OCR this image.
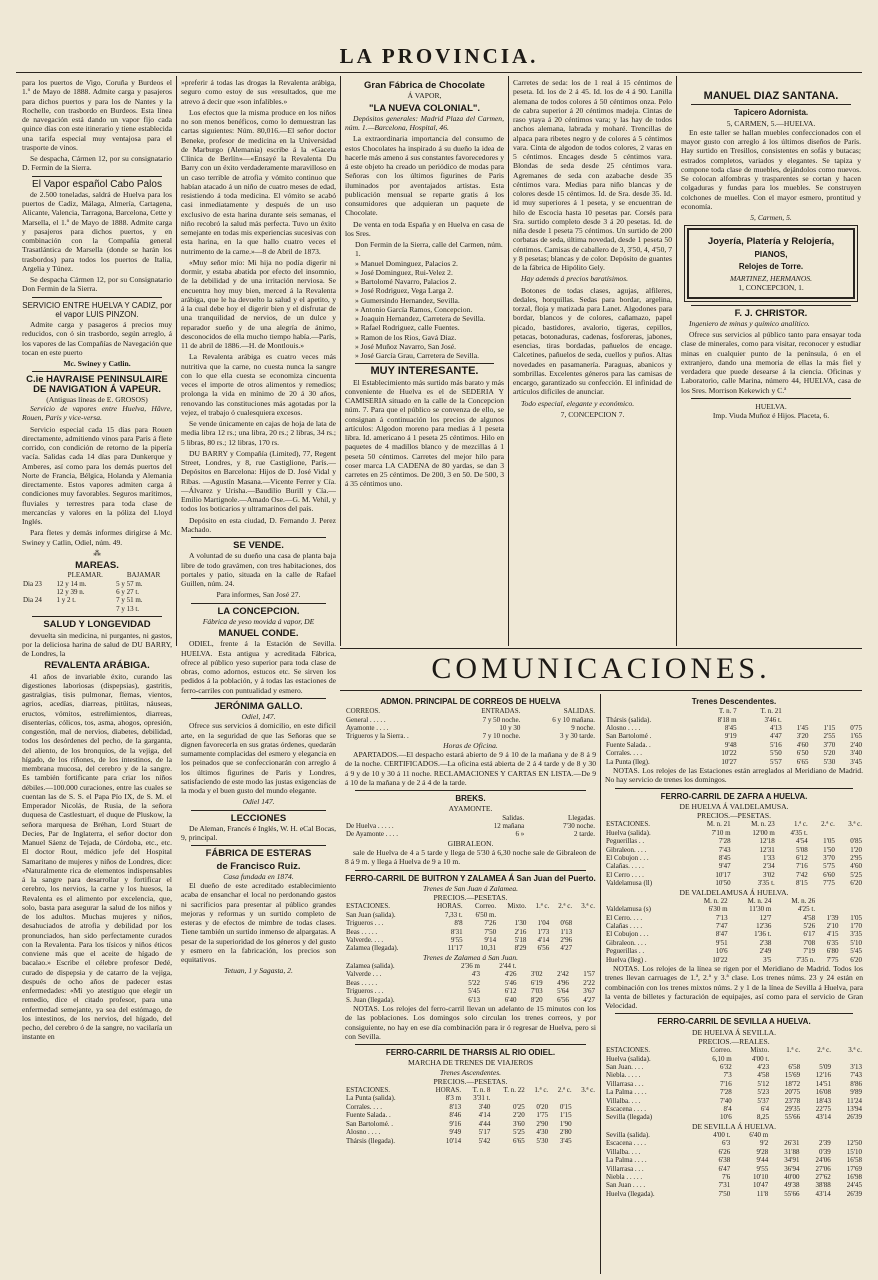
LA PROVINCIA.

para los puertos de Vigo, Coruña y Burdeos el 1.º de Mayo de 1888. Admite carga y pasajeros para dichos puertos y para los de Nantes y la Rochelle, con trasbordo en Burdeos. Esta línea de navegación está dando un vapor fijo cada quince días con este itinerario y tiene establecida una tarifa especial muy ventajosa para el trasporte de vinos.

Se despacha, Cármen 12, por su consignatario D. Fermin de la Sierra.

El Vapor español Cabo Palos

de 2.500 toneladas, saldrá de Huelva para los puertos de Cadiz, Málaga, Almería, Cartagena, Alicante, Valencia, Tarragona, Barcelona, Cette y Marsella, el 1.º de Mayo de 1888. Admite carga y pasajeros para dichos puertos, y en combinación con la Compañía general Trasatlántica de Marsella (donde se harán los trasbordos) para todos los puertos de Italia, Argelia y Túnez.

Se despacha Cármen 12, por su Consignatario Don Fermin de la Sierra.

SERVICIO ENTRE HUELVA Y CADIZ, por el vapor LUIS PINZON.

Admite carga y pasageros á precios muy reducidos, con ó sin trasbordo, según arreglo, á los vapores de las Compañías de Navegación que tocan en este puerto

Mc. Swiney y Catlin.
C.ie HAVRAISE PENINSULAIRE DE NAVIGATION Á VAPEUR.
(Antiguas líneas de E. GROSOS)

Servicio de vapores entre Huelva, Hâvre, Rouen, Paris y vice-versa.

Servicio especial cada 15 días para Rouen directamente, admitiendo vinos para Paris á flete corrido, con condición de retorno de la pipería vacía. Salidas cada 14 días para Dunkerque y Amberes, así como para los demás puertos del Norte de Francia, Bélgica, Holanda y Alemania directamente. Estos vapores admiten carga á condiciones muy favorables. Seguros marítimos, fluviales y terrestres para toda clase de mercancías y valores en la póliza del Lloyd Inglés.

Para fletes y demás informes dirigirse á Mc. Swiney y Catlin, Odiel, núm. 49.

⁂
MAREAS.
	PLEAMAR.		BAJAMAR	
Dia 23	12 y 14 m.		5 y 57 m.	
	12 y 39 n.		6 y 27 t.	
Dia 24	1 y 2 t.		7 y 51 m.	
			7 y 13 t.	
SALUD Y LONGEVIDAD

devuelta sin medicina, ni purgantes, ni gastos, por la deliciosa harina de salud de DU BARRY, de Londres, la

REVALENTA ARÁBIGA.

41 años de invariable éxito, curando las digestiones laboriosas (dispepsias), gastritis, gastralgias, tisis pulmonar, flemas, vientos, agrios, acedías, diarreas, pitüitas, náuseas, eructos, vómitos, estreñimientos, diarreas, disenterías, cólicos, tos, asma, ahogos, opresión, congestión, mal de nervios, diabetes, debilidad, todos los desórdenes del pecho, de la garganta, del aliento, de los bronquios, de la vejiga, del hígado, de los riñones, de los intestinos, de la membrana mucosa, del cerebro y de la sangre. Es también fortificante para criar los niños débiles.—100.000 curaciones, entre las cuales se cuentan las de S. S. el Papa Pío IX, de S. M. el Emperador Nicolás, de Rusia, de la señora duquesa de Castlestuart, el duque de Pluskow, la señora marquesa de Bréhan, Lord Stuart de Decies, Par de Inglaterra, el señor doctor don Manuel Sáenz de Tejada, de Córdoba, etc., etc. El doctor Rout, médico jefe del Hospital Samaritano de mujeres y niños de Londres, dice: «Naturalmente rica de elementos indispensables á la sangre para desarrollar y fortificar el cerebro, los nervios, la carne y los huesos, la Revalenta es el alimento por excelencia, que, solo, basta para asegurar la salud de los niños y de los adultos. Muchas mujeres y niños, desahuciados de atrofia y debilidad por los pronunciados, han sido perfectamente curados con la Revalenta. Para los tísicos y niños éticos conviene más que el aceite de hígado de bacalao.» Escribe el célebre profesor Dedé, curado de dispepsia y de catarro de la vejiga, después de ocho años de padecer estas enfermedades: «Mi yo atestiguo que elegir un remedio, dice el citado profesor, para una enfermedad semejante, ya sea del estómago, de los intestinos, de los nervios, del hígado, del pecho, del cerebro ó de la sangre, no vacilaría un instante en

»preferir á todas las drogas la Revalenta arábiga, seguro como estoy de sus »resultados, que me atrevo á decir que »son infalibles.»

Los efectos que la misma produce en los niños no son menos benéficos, como lo demuestran las cartas siguientes: Núm. 80,016.—El señor doctor Beneke, profesor de medicina en la Universidad de Marburgo (Alemania) escribe á la «Gaceta Clínica de Berlín»—«Ensayé la Revalenta Du Barry con un éxito verdaderamente maravilloso en un caso terrible de atrofia y vómito continuo que habían atacado á un niño de cuatro meses de edad, resistiendo á toda medicina. El vómito se acabó casi inmediatamente y después de un uso exclusivo de esta harina durante seis semanas, el niño recobró la salud más perfecta. Tuvo un éxito semejante en todas mis experiencias sucesivas con esta harina, en la que hallo cuatro veces el nutrimento de la carne.»—8 de Abril de 1873.

«Muy señor mío: Mi hija no podía digerir ni dormir, y estaba abatida por efecto del insomnio, de la debilidad y de una irritación nerviosa. Se encuentra hoy muy bien, merced á la Revalenta arábiga, que le ha devuelto la salud y el apetito, y á la cual debe hoy el digerir bien y el disfrutar de una tranquilidad de nervios, de un dulce y reparador sueño y de una alegría de ánimo, desconocidos de ella mucho tiempo había.—París, 11 de abril de 1886.—H. de Montlouis.»

La Revalenta arábiga es cuatro veces más nutritiva que la carne, no cuesta nunca la sangre con lo que ella cuesta se economiza cincuenta veces el importe de otros alimentos y remedios; prolonga la vida en mínimo de 20 á 30 años, renovando las constituciones más agotadas por la vejez, el trabajo ó cualesquiera excesos.

Se vende únicamente en cajas de hoja de lata de media libra 12 rs.; una libra, 20 rs.; 2 libras, 34 rs.; 5 libras, 80 rs.; 12 libras, 170 rs.

DU BARRY y Compañía (Limited), 77, Regent Street, Londres, y 8, rue Castiglione, París.—Depósitos en Barcelona: Hijos de D. José Vidal y Ribas. —Agustín Masana.—Vicente Ferrer y Cía.—Álvarez y Urisha.—Baudilio Burill y Cía.—Emilio Martignole.—Amado Ose.—G. M. Vehil, y todos los boticarios y ultramarinos del país.

Depósito en esta ciudad, D. Fernando J. Perez Machado.

SE VENDE.

A voluntad de su dueño una casa de planta baja libre de todo gravámen, con tres habitaciones, dos portales y patio, situada en la calle de Rafael Guillen, núm. 24.

Para informes, San José 27.
LA CONCEPCION.
Fábrica de yeso movida á vapor, DE
MANUEL CONDE.

ODIEL, frente á la Estación de Sevilla. HUELVA. Esta antigua y acreditada Fábrica, ofrece al público yeso superior para toda clase de obras, como adornos, estucos etc. Se sirven los pedidos á la población, y á todas las estaciones de ferro-carriles con puntualidad y esmero.

JERÓNIMA GALLO.
Odiel, 147.

Ofrece sus servicios á domicilio, en este difícil arte, en la seguridad de que las Señoras que se dignen favorecerla en sus gratas órdenes, quedarán sumamente complacidas del esmero y elegancia en los peinados que se confeccionarán con arreglo á los últimos figurines de Paris y Londres, satisfaciendo de este modo las justas exigencias de la moda y el buen gusto del mundo elegante.

Odiel 147.
LECCIONES

De Aleman, Francés é Inglés, W. H. eCal Bocas, 9, principal.

FÁBRICA DE ESTERAS
de Francisco Ruiz.
Casa fundada en 1874.

El dueño de este acreditado establecimiento acaba de ensanchar el local no perdonando gastos ni sacrificios para presentar al público grandes mejoras y reformas y un surtido completo de esteras y de efectos de mimbre de todas clases. Tiene también un surtido inmenso de alpargatas. A pesar de la superioridad de los géneros y del gusto y esmero en la fabricación, los precios son equitativos.

Tetuan, 1 y Sagasta, 2.
Gran Fábrica de Chocolate
Á VAPOR,
"LA NUEVA COLONIAL".

Depósitos generales: Madrid Plaza del Carmen, núm. 1.—Barcelona, Hospital, 46.

La extraordinaria importancia del consumo de estos Chocolates ha inspirado á su dueño la idea de hacerle más ameno á sus constantes favorecedores y á este objeto ha creado un periódico de modas para Señoras con los últimos figurines de Paris iluminados por aventajados artistas. Esta publicación mensual se reparte gratis á los consumidores que adquieran un paquete de Chocolate.

De venta en toda España y en Huelva en casa de los Sres.

Don Fermin de la Sierra, calle del Carmen, núm. 1.
» Manuel Dominguez, Palacios 2.
» José Dominguez, Rui-Velez 2.
» Bartolomé Navarro, Palacios 2.
» José Rodriguez, Vega Larga 2.
» Gumersindo Hernandez, Sevilla.
» Antonio García Ramos, Concepcion.
» Joaquin Hernandez, Carretera de Sevilla.
» Rafael Rodriguez, calle Fuentes.
» Ramon de los Rios, Gavá Diaz.
» José Muñoz Navarro, San José.
» José García Grau, Carretera de Sevilla.
MUY INTERESANTE.

El Establecimiento más surtido más barato y más conveniente de Huelva es el de SEDERIA Y CAMISERIA situado en la calle de la Concepcion núm. 7. Para que el público se convenza de ello, se consignan á continuación los precios de algunos artículos: Algodon moreno para medias á 1 peseta libra. Id. americano á 1 peseta 25 céntimos. Hilo en paquetes de 4 madillos blanco y de mezcillas á 1 peseta 50 céntimos. Carretes del mejor hilo para coser marca LA CADENA de 80 yardas, se dan 3 carretes en 25 céntimos. De 200, 3 en 50. De 500, 3 á 35 céntimos uno.

Carretes de seda: los de 1 real á 15 céntimos de peseta. Id. los de 2 á 45. Id. los de 4 á 90. Lanilla alemana de todos colores á 50 céntimos onza. Pelo de cabra superior á 20 céntimos madeja. Cintas de raso ytaya á 20 céntimos vara; y las hay de todos anchos alemana, labrada y moharé. Trencillas de alpaca para ribetes negro y de colores á 5 céntimos vara. Cinta de algodon de todos colores, 2 varas en 5 céntimos. Encages desde 5 céntimos vara. Blondas de seda desde 25 céntimos vara. Agremanes de seda con azabache desde 35 céntimos vara. Medias para niño blancas y de colores desde 15 céntimos. Id. de Sra. desde 35. Id. id muy superiores á 1 peseta, y se encuentran de hilo de Escocia hasta 10 pesetas par. Corsés para Sra. surtido completo desde 3 á 20 pesetas. Id. de niña desde 1 peseta 75 céntimos. Un surtido de 200 corbatas de seda, última novedad, desde 1 peseta 50 céntimos. Camisas de caballero de 3, 3'50, 4, 4'50, 7 y 8 pesetas; blancas y de color. Depósito de guantes de la fábrica de Hipólito Gely.

Hay además á precios baratísimos.

Botones de todas clases, agujas, alfileres, dedales, horquillas. Sedas para bordar, argelina, torzal, floja y matizada para Lanet. Algodones para bordar, blancos y de colores, cañamazo, papel picado, bastidores, avalorio, tigeras, cepillos, petacas, botonaduras, cadenas, fosforeras, jabones, esencias, tiras bordadas, pañuelos de encage. Calcetines, pañuelos de seda, cuellos y puños. Altas novedades en pasamanería. Paraguas, abanicos y sombrillas. Excelentes géneros para las camisas de encargo, garantizado su confección. El infinidad de artículos difíciles de anunciar.

Todo especial, elegante y económico.

7, CONCEPCION 7.
MANUEL DIAZ SANTANA.
Tapicero Adornista.
5, CARMEN, 5.—HUELVA.

En este taller se hallan muebles confeccionados con el mayor gusto con arreglo á los últimos diseños de París. Hay surtido en Tresillos, consistentes en sofás y butacas; estrados completos, variados y elegantes. Se tapiza y compone toda clase de muebles, dejándolos como nuevos. Se colocan alfombras y trasparentes se cortan y hacen colgaduras y fundas para los muebles. Se construyen colchones de muelles. Con el mayor esmero, prontitud y economía.

5, Carmen, 5.
Joyería, Platería y Relojería,
PIANOS,
Relojes de Torre.
MARTINEZ, HERMANOS.
1, CONCEPCION, 1.
F. J. CHRISTOR.

Ingeniero de minas y químico analítico.

Ofrece sus servicios al público tanto para ensayar toda clase de minerales, como para visitar, reconocer y estudiar minas en cualquier punto de la península, ó en el extranjero, dando una memoria de ellas la más fiel y verdadera que puede desearse á la ciencia. Oficinas y Laboratorio, calle Marina, número 44, HUELVA, casa de los Sres. Morrison Kekewich y C.ª

HUELVA.
Imp. Viuda Muñoz é Hijos. Placeta, 6.
COMUNICACIONES.
ADMON. PRINCIPAL DE CORREOS DE HUELVA
CORREOS.	ENTRADAS.	SALIDAS.
General . . . . .	7 y 50 noche.	6 y 10 mañana.
Ayamonte . . . .	10 y 30	9 noche.
Trigueros y la Sierra. .	7 y 10 noche.	3 y 30 tarde.
Horas de Oficina.

APARTADOS.—El despacho estará abierto de 9 á 10 de la mañana y de 8 á 9 de la noche. CERTIFICADOS.—La oficina está abierta de 2 á 4 tarde y de 8 y 30 á 9 y de 10 y 30 á 11 noche. RECLAMACIONES Y CARTAS EN LISTA.—De 9 á 10 de la mañana y de 2 á 4 de la tarde.

BREKS.
AYAMONTE.
	Salidas.	Llegadas.
De Huelva . . . . .	12 mañana	7'30 noche.
De Ayamonte . . . .	6 »	2 tarde.
GIBRALEON.

sale de Huelva de 4 a 5 tarde y llega de 5'30 á 6,30 noche sale de Gibraleon de 8 á 9 m. y llega á Huelva de 9 a 10 m.

FERRO-CARRIL DE BUITRON Y ZALAMEA Á San Juan del Puerto.
Trenes de San Juan á Zalamea.
PRECIOS.—PESETAS.
ESTACIONES.	HORAS.	Correo.	Mixto.	1.ª c.	2.ª c.	3.ª c.
San Juan (salida).	7,33 t.	6'50 m.				
Trigueros . . .	8'8	7'26	1'30	1'04	0'68	
Beas . . . . .	8'31	7'50	2'16	1'73	1'13	
Valverde. . . .	9'55	9'14	5'18	4'14	2'96	
Zalamea (llegada).	11'17	10,31	8'29	6'56	4'27	
Trenes de Zalamea á San Juan.
Zalamea (salida).	2'36 m	2'44 t.			
Valverde . . .	4'3	4'26	3'02	2'42	1'57
Beas . . . . .	5'22	5'46	6'19	4'96	2'22
Trigueros . . .	5'45	6'12	7'03	5'64	3'67
S. Juan (llegada).	6'13	6'40	8'20	6'56	4'27

NOTAS. Los relojes del ferro-carril llevan un adelanto de 15 minutos con los de las poblaciones. Los domingos solo circulan los trenes correos, y por consiguiente, no hay en ese día combinación para ir ó regresar de Huelva, pero si con Sevilla.

FERRO-CARRIL DE THARSIS AL RIO ODIEL.
MARCHA DE TRENES DE VIAJEROS
Trenes Ascendentes.
PRECIOS.—PESETAS.
ESTACIONES.	HORAS.	T. n. 8	T. n. 22	1.ª c.	2.ª c.	3.ª c.
La Punta (salida).	8'3 m	3'31 t.				
Corrales. . . .	8'13	3'40	0'25	0'20	0'15	
Fuente Salada. .	8'46	4'14	2'20	1'75	1'15	
San Bartolomé. .	9'16	4'44	3'60	2'90	1'90	
Alosno . . . .	9'49	5'17	5'25	4'30	2'80	
Thársis (llegada).	10'14	5'42	6'65	5'30	3'45	
Trenes Descendentes.
	T. n. 7	T. n. 21			
Thársis (salida).	8'18 m	3'46 t.			
Alosno . . . .	8'45	4'13	1'45	1'15	0'75
San Bartolomé .	9'19	4'47	3'20	2'55	1'65
Fuente Salada. .	9'48	5'16	4'60	3'70	2'40
Corrales. . . .	10'22	5'50	6'50	5'20	3'40
La Punta (lleg).	10'27	5'57	6'65	5'30	3'45

NOTAS. Los relojes de las Estaciones están arreglados al Meridiano de Madrid. No hay servicio de trenes los domingos.

FERRO-CARRIL DE ZAFRA A HUELVA.
DE HUELVA Á VALDELAMUSA.
PRECIOS.—PESETAS.
ESTACIONES.	M. n. 21	M. n. 23	1.ª c.	2.ª c.	3.ª c.
Huelva (salida).	7'10 m	12'00 m	4'35 t.		
Peguerillas . .	7'28	12'18	4'54	1'05	0'85
Gibraleon. . . .	7'43	12'31	5'08	1'50	1'20
El Cobujon . . .	8'45	1'33	6'12	3'70	2'95
Calañas. . . . .	9'47	2'34	7'16	5'75	4'60
El Cerro . . . .	10'17	3'02	7'42	6'60	5'25
Valdelamusa (ll)	10'50	3'35 t.	8'15	7'75	6'20
DE VALDELAMUSA Á HUELVA.
	M. n. 22	M. n. 24	M. n. 26		
Valdelamusa (s)	6'30 m	11'30 m	4'25 t.		
El Cerro. . . .	7'13	12'7	4'58	1'39	1'05
Calañas . . . .	7'47	12'36	5'26	2'10	1'70
El Cobujon . . .	8'47	1'36 t.	6'17	4'15	3'35
Gibraleon. . . .	9'51	2'38	7'08	6'35	5'10
Peguerillas . .	10'6	2'49	7'19	6'80	5'45
Huelva (lleg) .	10'22	3'5	7'35 n.	7'75	6'20

NOTAS. Los relojes de la línea se rigen por el Meridiano de Madrid. Todos los trenes llevan carruages de 1.ª, 2.ª y 3.ª clase. Los trenes núms. 23 y 24 están en combinación con los trenes mixtos núms. 2 y 1 de la línea de Sevilla á Huelva, para la venta de billetes y facturación de equipajes, así como para el servicio de Gran Velocidad.

FERRO-CARRIL DE SEVILLA A HUELVA.
DE HUELVA Á SEVILLA.
PRECIOS.—REALES.
ESTACIONES.	Correo.	Mixto.	1.ª c.	2.ª c.	3.ª c.
Huelva (salida).	6,10 m	4'00 t.			
San Juan. . . .	6'32	4'23	6'58	5'09	3'13
Niebla. . . . .	7'3	4'58	15'69	12'16	7'43
Villarrasa . . .	7'16	5'12	18'72	14'51	8'86
La Palma . . . .	7'28	5'23	20'75	16'08	9'89
Villalba. . . .	7'40	5'37	23'78	18'43	11'24
Escacena . . . .	8'4	6'4	29'35	22'75	13'94
Sevilla (llegada)	10'6	8,25	55'66	43'14	26'39
DE SEVILLA Á HUELVA.
Sevilla (salida).	4'00 t.	6'40 m			
Escacena . . . .	6'3	9'2	26'31	2'39	12'50
Villalba. . . .	6'26	9'28	31'88	0'39	15'10
La Palma . . . .	6'38	9'44	34'91	24'06	16'58
Villarrasa . . .	6'47	9'55	36'94	27'06	17'69
Niebla . . . . .	7'6	10'10	40'00	27'62	16'98
San Juan . . . .	7'31	10'47	49'38	38'88	24'45
Huelva (llegada).	7'50	11'8	55'66	43'14	26'39
